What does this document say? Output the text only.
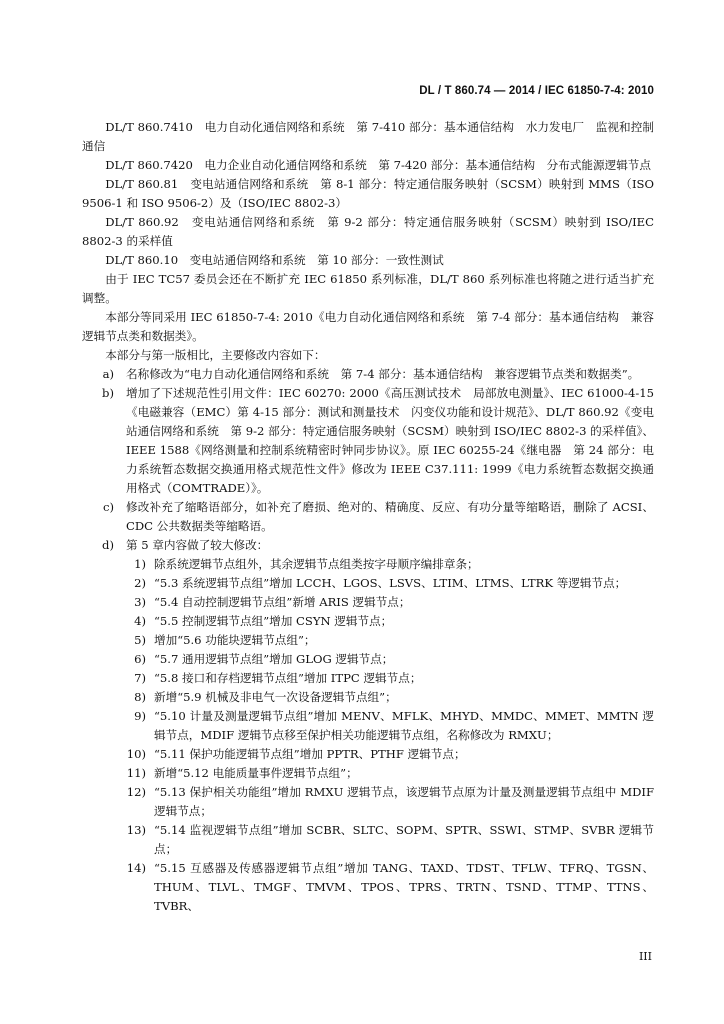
DL / T 860.74 — 2014 / IEC 61850-7-4: 2010

DL/T 860.7410　电力自动化通信网络和系统　第 7-410 部分：基本通信结构　水力发电厂　监视和控制通信

DL/T 860.7420　电力企业自动化通信网络和系统　第 7-420 部分：基本通信结构　分布式能源逻辑节点

DL/T 860.81　变电站通信网络和系统　第 8-1 部分：特定通信服务映射（SCSM）映射到 MMS（ISO 9506-1 和 ISO 9506-2）及（ISO/IEC 8802-3）

DL/T 860.92　变电站通信网络和系统　第 9-2 部分：特定通信服务映射（SCSM）映射到 ISO/IEC 8802-3 的采样值

DL/T 860.10　变电站通信网络和系统　第 10 部分：一致性测试

由于 IEC TC57 委员会还在不断扩充 IEC 61850 系列标准，DL/T 860 系列标准也将随之进行适当扩充调整。

本部分等同采用 IEC 61850-7-4: 2010《电力自动化通信网络和系统　第 7-4 部分：基本通信结构　兼容逻辑节点类和数据类》。

本部分与第一版相比，主要修改内容如下：

a) 名称修改为“电力自动化通信网络和系统　第 7-4 部分：基本通信结构　兼容逻辑节点类和数据类”。
b) 增加了下述规范性引用文件：IEC 60270: 2000《高压测试技术　局部放电测量》、IEC 61000-4-15《电磁兼容（EMC）第 4-15 部分：测试和测量技术　闪变仪功能和设计规范》、DL/T 860.92《变电站通信网络和系统　第 9-2 部分：特定通信服务映射（SCSM）映射到 ISO/IEC 8802-3 的采样值》、IEEE 1588《网络测量和控制系统精密时钟同步协议》。原 IEC 60255-24《继电器　第 24 部分：电力系统暂态数据交换通用格式规范性文件》修改为 IEEE C37.111: 1999《电力系统暂态数据交换通用格式（COMTRADE）》。
c) 修改补充了缩略语部分，如补充了磨损、绝对的、精确度、反应、有功分量等缩略语，删除了 ACSI、CDC 公共数据类等缩略语。
d) 第 5 章内容做了较大修改：
1) 除系统逻辑节点组外，其余逻辑节点组类按字母顺序编排章条；
2) “5.3 系统逻辑节点组”增加 LCCH、LGOS、LSVS、LTIM、LTMS、LTRK 等逻辑节点；
3) “5.4 自动控制逻辑节点组”新增 ARIS 逻辑节点；
4) “5.5 控制逻辑节点组”增加 CSYN 逻辑节点；
5) 增加“5.6 功能块逻辑节点组”；
6) “5.7 通用逻辑节点组”增加 GLOG 逻辑节点；
7) “5.8 接口和存档逻辑节点组”增加 ITPC 逻辑节点；
8) 新增“5.9 机械及非电气一次设备逻辑节点组”；
9) “5.10 计量及测量逻辑节点组”增加 MENV、MFLK、MHYD、MMDC、MMET、MMTN 逻辑节点，MDIF 逻辑节点移至保护相关功能逻辑节点组，名称修改为 RMXU；
10) “5.11 保护功能逻辑节点组”增加 PPTR、PTHF 逻辑节点；
11) 新增“5.12 电能质量事件逻辑节点组”；
12) “5.13 保护相关功能组”增加 RMXU 逻辑节点，该逻辑节点原为计量及测量逻辑节点组中 MDIF 逻辑节点；
13) “5.14 监视逻辑节点组”增加 SCBR、SLTC、SOPM、SPTR、SSWI、STMP、SVBR 逻辑节点；
14) “5.15 互感器及传感器逻辑节点组”增加 TANG、TAXD、TDST、TFLW、TFRQ、TGSN、THUM、TLVL、TMGF、TMVM、TPOS、TPRS、TRTN、TSND、TTMP、TTNS、TVBR、
III
